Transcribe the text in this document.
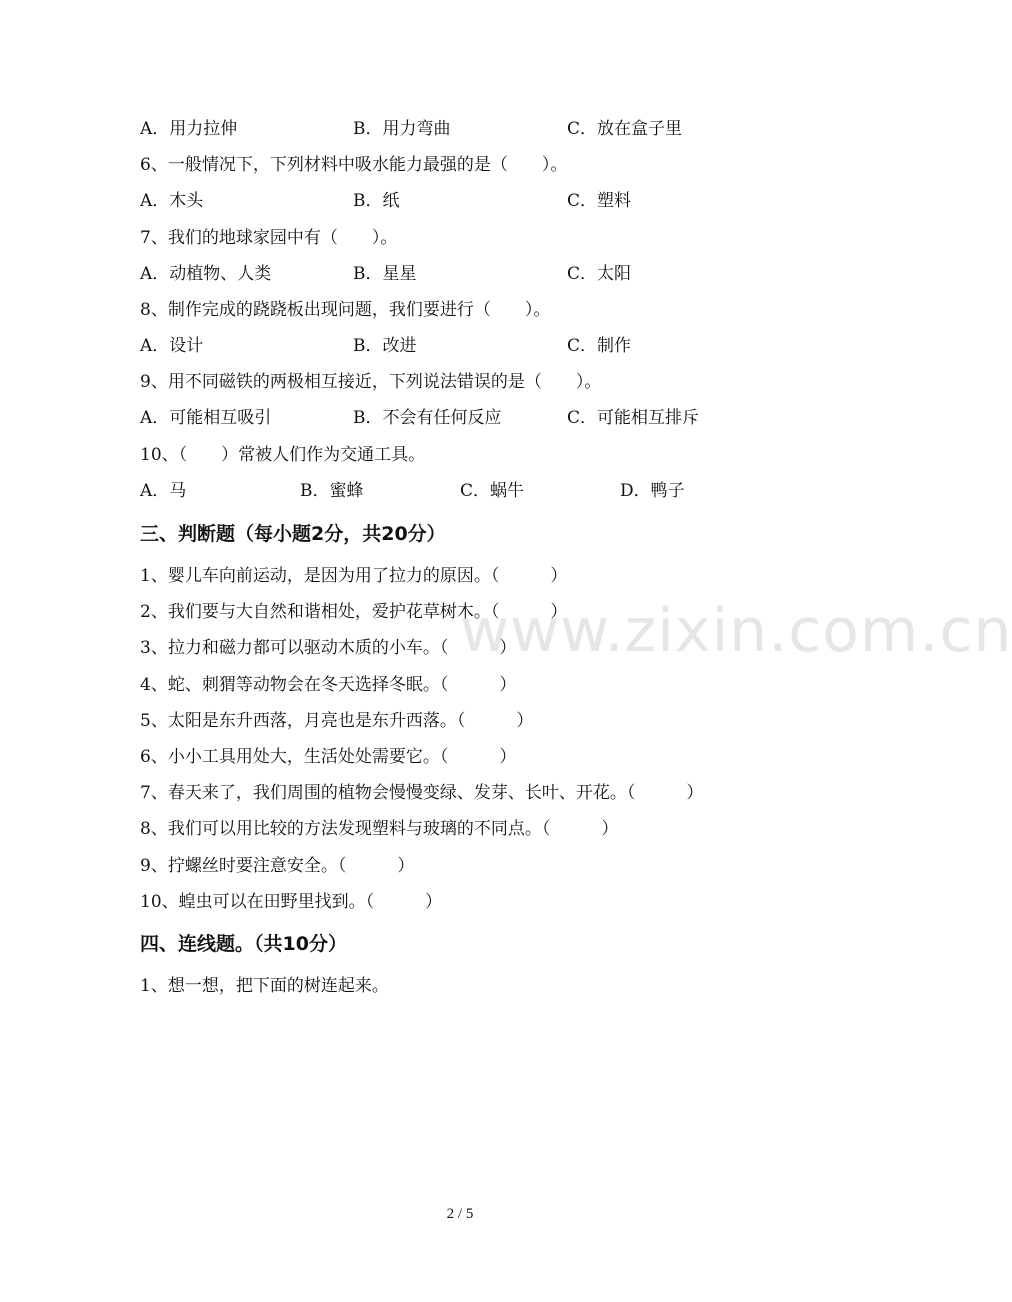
www.zixin.com.cn
A．用力拉伸	B．用力弯曲	C．放在盒子里
6、一般情况下，下列材料中吸水能力最强的是（　　）。
A．木头	B．纸	C．塑料
7、我们的地球家园中有（　　）。
A．动植物、人类	B．星星	C．太阳
8、制作完成的跷跷板出现问题，我们要进行（　　）。
A．设计	B．改进	C．制作
9、用不同磁铁的两极相互接近，下列说法错误的是（　　）。
A．可能相互吸引	B．不会有任何反应	C．可能相互排斥
10、（　　）常被人们作为交通工具。
A．马	B．蜜蜂	C．蜗牛	D．鸭子
三、判断题（每小题2分，共20分）
1、婴儿车向前运动，是因为用了拉力的原因。（　　　）
2、我们要与大自然和谐相处，爱护花草树木。（　　　）
3、拉力和磁力都可以驱动木质的小车。（　　　）
4、蛇、刺猬等动物会在冬天选择冬眠。（　　　）
5、太阳是东升西落，月亮也是东升西落。（　　　）
6、小小工具用处大，生活处处需要它。（　　　）
7、春天来了，我们周围的植物会慢慢变绿、发芽、长叶、开花。（　　　）
8、我们可以用比较的方法发现塑料与玻璃的不同点。（　　　）
9、拧螺丝时要注意安全。（　　　）
10、蝗虫可以在田野里找到。（　　　）
四、连线题。（共10分）
1、想一想，把下面的树连起来。
2 / 5
